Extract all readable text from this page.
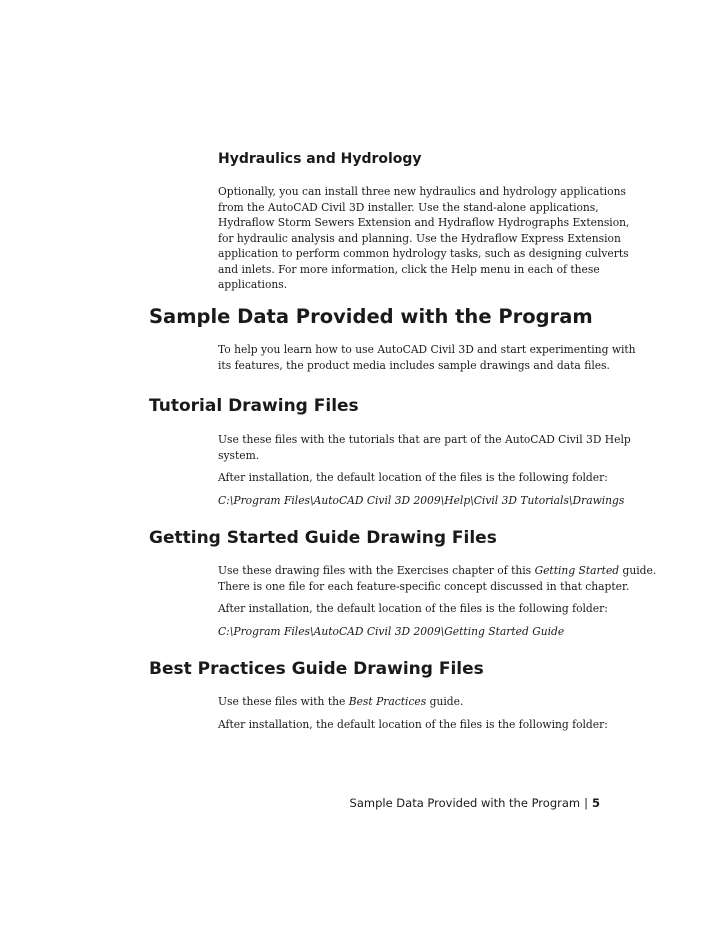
Hydraulics and Hydrology

Optionally, you can install three new hydraulics and hydrology applications
from the AutoCAD Civil 3D installer. Use the stand-alone applications,
Hydraflow Storm Sewers Extension and Hydraflow Hydrographs Extension,
for hydraulic analysis and planning. Use the Hydraflow Express Extension
application to perform common hydrology tasks, such as designing culverts
and inlets. For more information, click the Help menu in each of these
applications.

Sample Data Provided with the Program

To help you learn how to use AutoCAD Civil 3D and start experimenting with
its features, the product media includes sample drawings and data files.

Tutorial Drawing Files

Use these files with the tutorials that are part of the AutoCAD Civil 3D Help
system.

After installation, the default location of the files is the following folder:

C:\Program Files\AutoCAD Civil 3D 2009\Help\Civil 3D Tutorials\Drawings

Getting Started Guide Drawing Files

Use these drawing files with the Exercises chapter of this Getting Started guide.
There is one file for each feature-specific concept discussed in that chapter.

After installation, the default location of the files is the following folder:

C:\Program Files\AutoCAD Civil 3D 2009\Getting Started Guide

Best Practices Guide Drawing Files

Use these files with the Best Practices guide.

After installation, the default location of the files is the following folder:

Sample Data Provided with the Program | 5
